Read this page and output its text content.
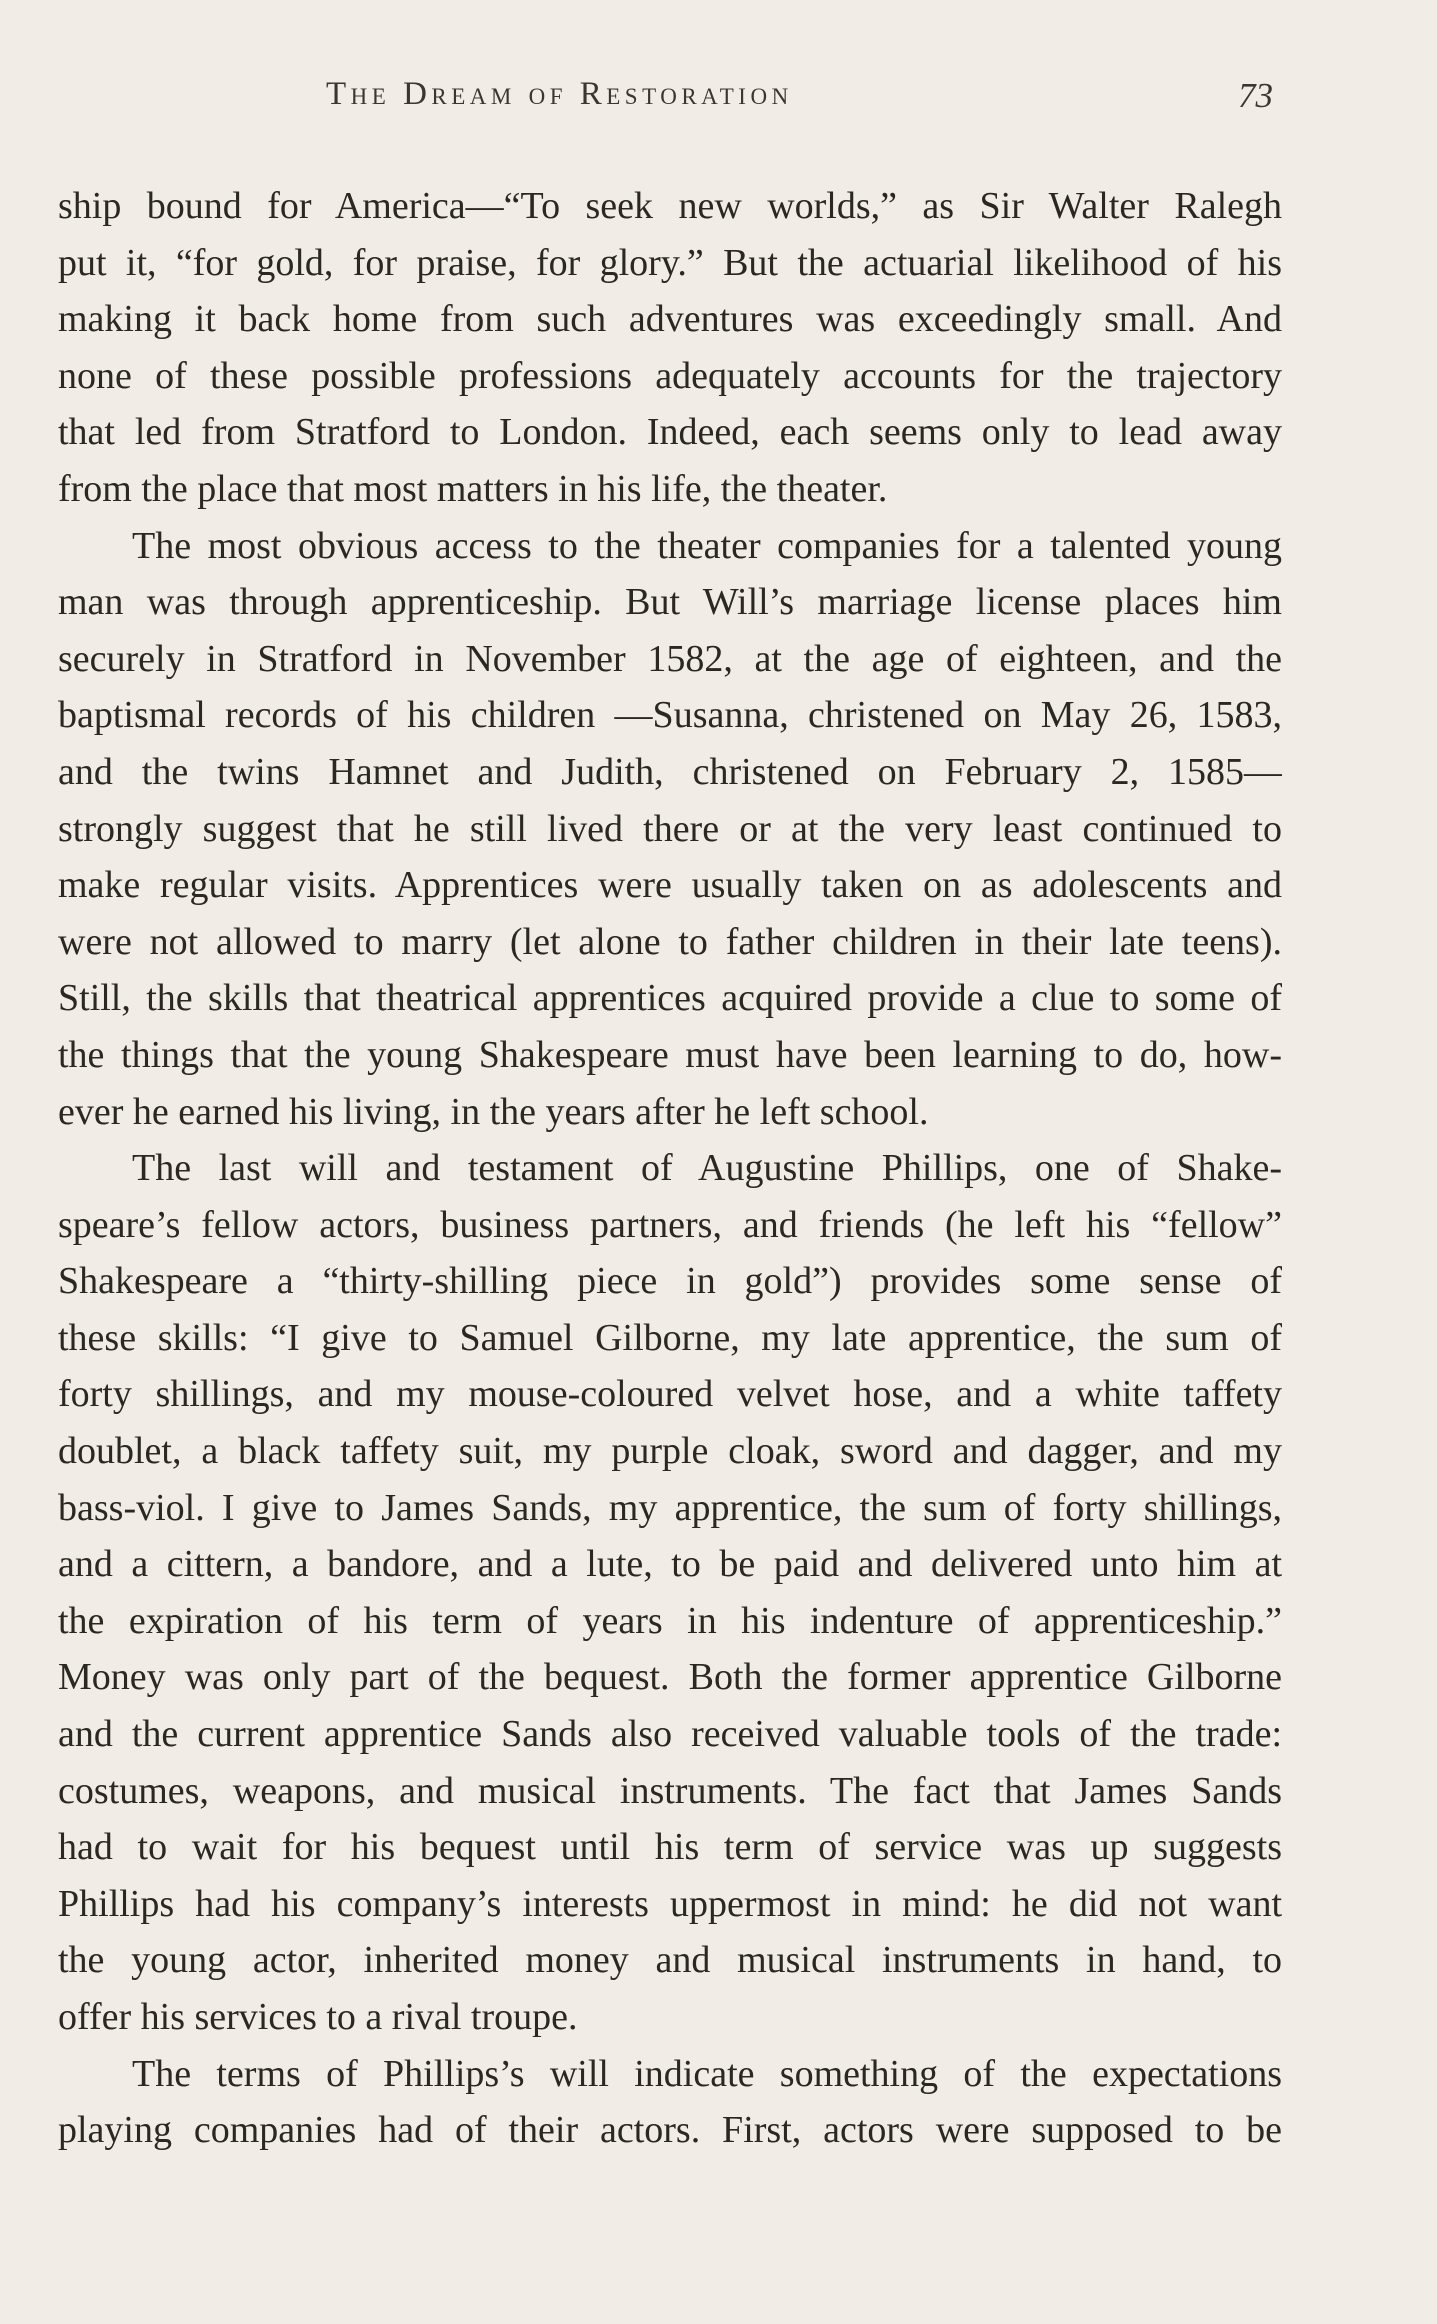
The Dream of Restoration	73
ship bound for America—“To seek new worlds,” as Sir Walter Ralegh
put it, “for gold, for praise, for glory.” But the actuarial likelihood of his
making it back home from such adventures was exceedingly small. And
none of these possible professions adequately accounts for the trajectory
that led from Stratford to London. Indeed, each seems only to lead away
from the place that most matters in his life, the theater.
The most obvious access to the theater companies for a talented young
man was through apprenticeship. But Will’s marriage license places him
securely in Stratford in November 1582, at the age of eighteen, and the
baptismal records of his children —Susanna, christened on May 26, 1583,
and the twins Hamnet and Judith, christened on February 2, 1585—
strongly suggest that he still lived there or at the very least continued to
make regular visits. Apprentices were usually taken on as adolescents and
were not allowed to marry (let alone to father children in their late teens).
Still, the skills that theatrical apprentices acquired provide a clue to some of
the things that the young Shakespeare must have been learning to do, how-
ever he earned his living, in the years after he left school.
The last will and testament of Augustine Phillips, one of Shake-
speare’s fellow actors, business partners, and friends (he left his “fellow”
Shakespeare a “thirty-shilling piece in gold”) provides some sense of
these skills: “I give to Samuel Gilborne, my late apprentice, the sum of
forty shillings, and my mouse-coloured velvet hose, and a white taffety
doublet, a black taffety suit, my purple cloak, sword and dagger, and my
bass-viol. I give to James Sands, my apprentice, the sum of forty shillings,
and a cittern, a bandore, and a lute, to be paid and delivered unto him at
the expiration of his term of years in his indenture of apprenticeship.”
Money was only part of the bequest. Both the former apprentice Gilborne
and the current apprentice Sands also received valuable tools of the trade:
costumes, weapons, and musical instruments. The fact that James Sands
had to wait for his bequest until his term of service was up suggests
Phillips had his company’s interests uppermost in mind: he did not want
the young actor, inherited money and musical instruments in hand, to
offer his services to a rival troupe.
The terms of Phillips’s will indicate something of the expectations
playing companies had of their actors. First, actors were supposed to be
